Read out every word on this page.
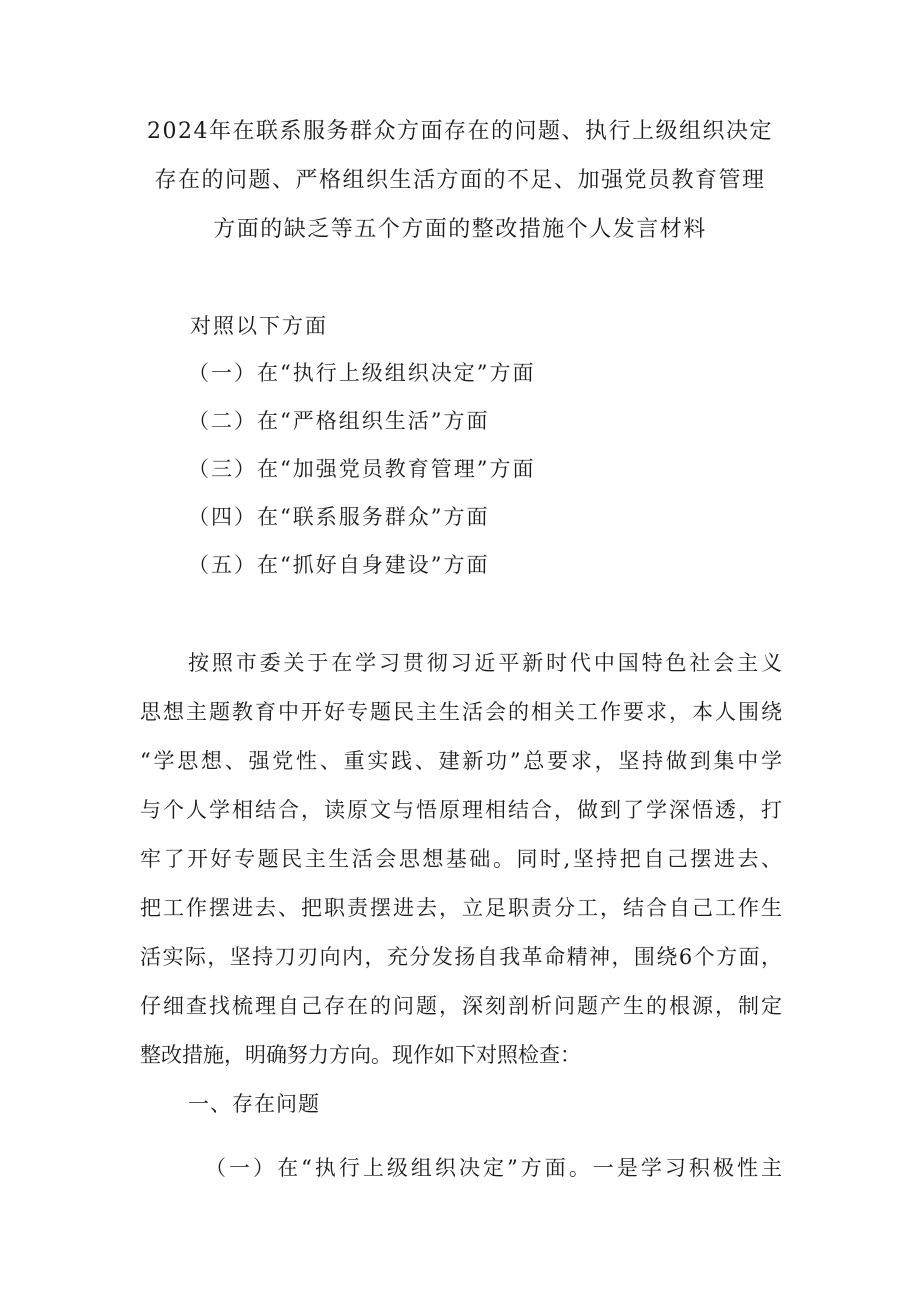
2024年在联系服务群众方面存在的问题、执行上级组织决定
存在的问题、严格组织生活方面的不足、加强党员教育管理
方面的缺乏等五个方面的整改措施个人发言材料
对照以下方面
（一）在“执行上级组织决定”方面
（二）在“严格组织生活”方面
（三）在“加强党员教育管理”方面
（四）在“联系服务群众”方面
（五）在“抓好自身建设”方面
按照市委关于在学习贯彻习近平新时代中国特色社会主义
思想主题教育中开好专题民主生活会的相关工作要求，本人围绕
“学思想、强党性、重实践、建新功”总要求，坚持做到集中学
与个人学相结合，读原文与悟原理相结合，做到了学深悟透，打
牢了开好专题民主生活会思想基础。同时,坚持把自己摆进去、
把工作摆进去、把职责摆进去，立足职责分工，结合自己工作生
活实际，坚持刀刃向内，充分发扬自我革命精神，围绕6个方面，
仔细查找梳理自己存在的问题，深刻剖析问题产生的根源，制定
整改措施，明确努力方向。现作如下对照检查：
一、存在问题
（一）在“执行上级组织决定”方面。一是学习积极性主
